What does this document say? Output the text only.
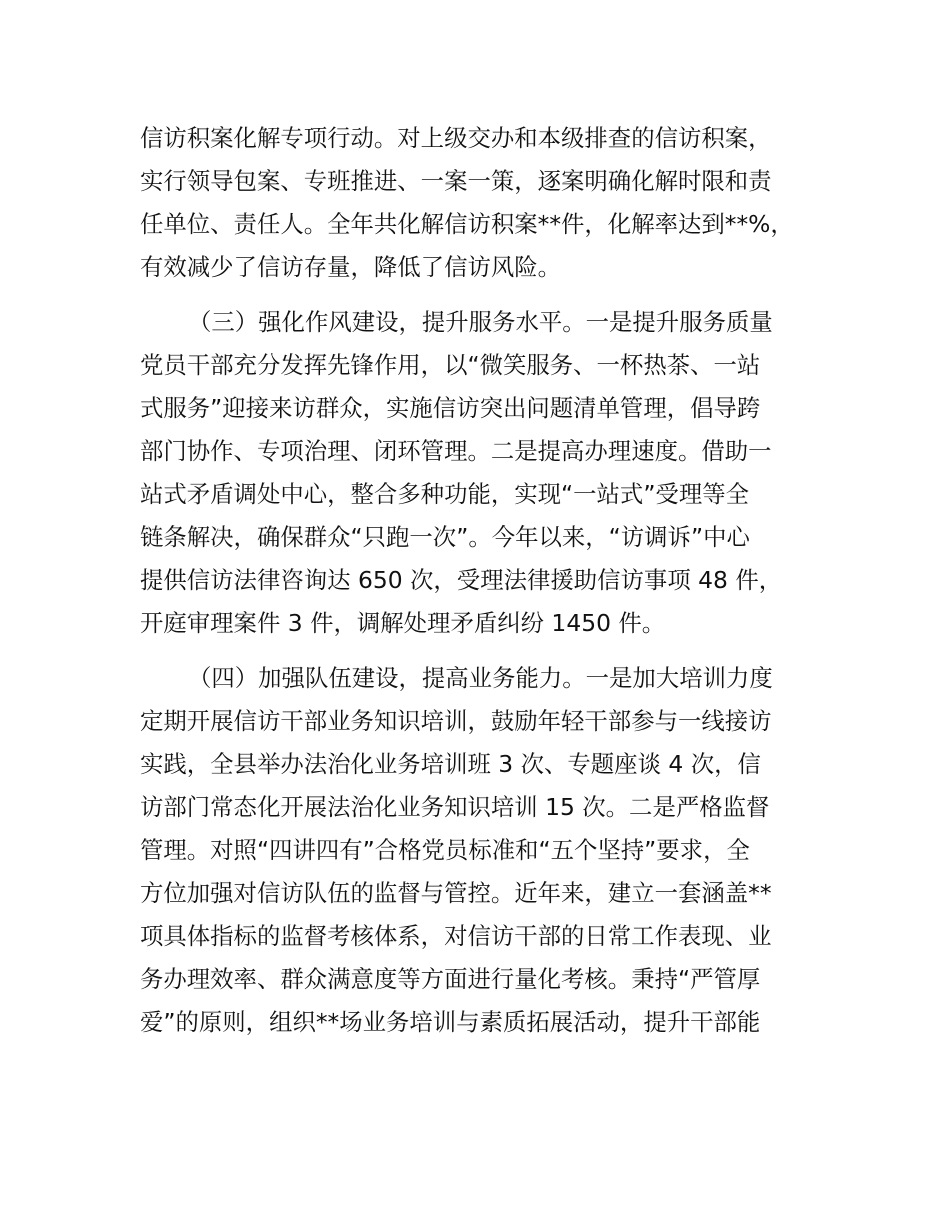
信访积案化解专项行动。对上级交办和本级排查的信访积案，
实行领导包案、专班推进、一案一策，逐案明确化解时限和责
任单位、责任人。全年共化解信访积案**件，化解率达到**%，
有效减少了信访存量，降低了信访风险。
（三）强化作风建设，提升服务水平。一是提升服务质量
党员干部充分发挥先锋作用，以“微笑服务、一杯热茶、一站
式服务”迎接来访群众，实施信访突出问题清单管理，倡导跨
部门协作、专项治理、闭环管理。二是提高办理速度。借助一
站式矛盾调处中心，整合多种功能，实现“一站式”受理等全
链条解决，确保群众“只跑一次”。今年以来，“访调诉”中心
提供信访法律咨询达 650 次，受理法律援助信访事项 48 件，
开庭审理案件 3 件，调解处理矛盾纠纷 1450 件。
（四）加强队伍建设，提高业务能力。一是加大培训力度
定期开展信访干部业务知识培训，鼓励年轻干部参与一线接访
实践，全县举办法治化业务培训班 3 次、专题座谈 4 次，信
访部门常态化开展法治化业务知识培训 15 次。二是严格监督
管理。对照“四讲四有”合格党员标准和“五个坚持”要求，全
方位加强对信访队伍的监督与管控。近年来，建立一套涵盖**
项具体指标的监督考核体系，对信访干部的日常工作表现、业
务办理效率、群众满意度等方面进行量化考核。秉持“严管厚
爱”的原则，组织**场业务培训与素质拓展活动，提升干部能
